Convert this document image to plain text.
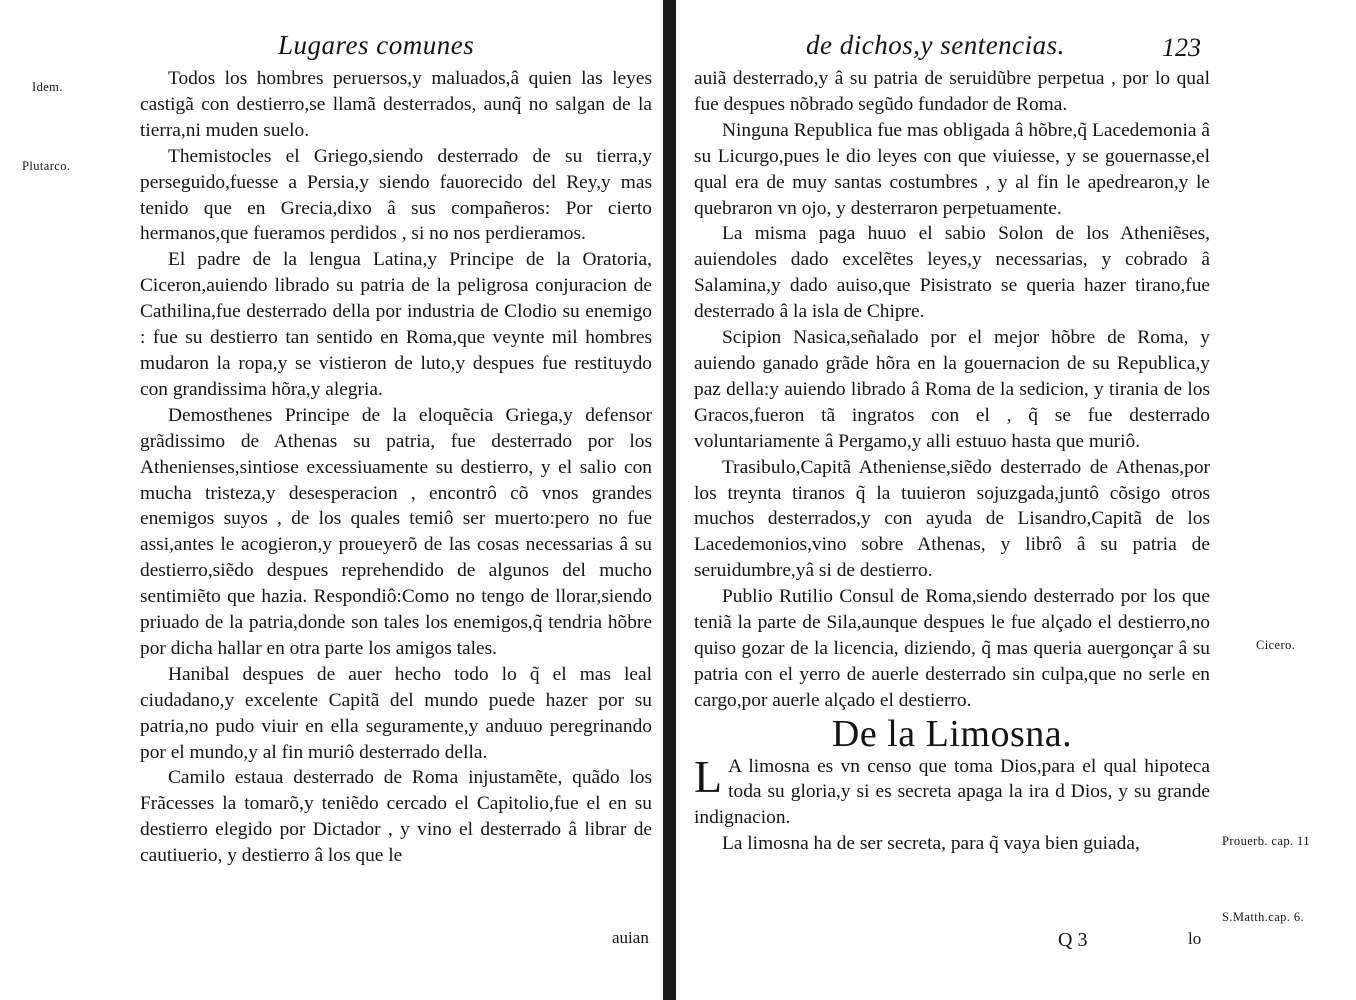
Lugares comunes
Idem.
Plutarco.

Todos los hombres peruersos,y maluados,â quien las leyes castigã con destierro,se llamã desterrados, aunq̃ no salgan de la tierra,ni muden suelo.

Themistocles el Griego,siendo desterrado de su tierra,y perseguido,fuesse a Persia,y siendo fauorecido del Rey,y mas tenido que en Grecia,dixo â sus compañeros: Por cierto hermanos,que fueramos perdidos , si no nos perdieramos.

El padre de la lengua Latina,y Principe de la Oratoria, Ciceron,auiendo librado su patria de la peligrosa conjuracion de Cathilina,fue desterrado della por industria de Clodio su enemigo : fue su destierro tan sentido en Roma,que veynte mil hombres mudaron la ropa,y se vistieron de luto,y despues fue restituydo con grandissima hõra,y alegria.

Demosthenes Principe de la eloquẽcia Griega,y defensor grãdissimo de Athenas su patria, fue desterrado por los Athenienses,sintiose excessiuamente su destierro, y el salio con mucha tristeza,y desesperacion , encontrô cõ vnos grandes enemigos suyos , de los quales temiô ser muerto:pero no fue assi,antes le acogieron,y proueyerõ de las cosas necessarias â su destierro,siẽdo despues reprehendido de algunos del mucho sentimiẽto que hazia. Respondiô:Como no tengo de llorar,siendo priuado de la patria,donde son tales los enemigos,q̃ tendria hõbre por dicha hallar en otra parte los amigos tales.

Hanibal despues de auer hecho todo lo q̃ el mas leal ciudadano,y excelente Capitã del mundo puede hazer por su patria,no pudo viuir en ella seguramente,y anduuo peregrinando por el mundo,y al fin muriô desterrado della.

Camilo estaua desterrado de Roma injustamẽte, quãdo los Frãcesses la tomarõ,y teniẽdo cercado el Capitolio,fue el en su destierro elegido por Dictador , y vino el desterrado â librar de cautiuerio, y destierro â los que le

auian
de dichos,y sentencias.	123

auiã desterrado,y â su patria de seruidũbre perpetua , por lo qual fue despues nõbrado segũdo fundador de Roma.

Ninguna Republica fue mas obligada â hõbre,q̃ Lacedemonia â su Licurgo,pues le dio leyes con que viuiesse, y se gouernasse,el qual era de muy santas costumbres , y al fin le apedrearon,y le quebraron vn ojo, y desterraron perpetuamente.

La misma paga huuo el sabio Solon de los Atheniẽses, auiendoles dado excelẽtes leyes,y necessarias, y cobrado â Salamina,y dado auiso,que Pisistrato se queria hazer tirano,fue desterrado â la isla de Chipre.

Scipion Nasica,señalado por el mejor hõbre de Roma, y auiendo ganado grãde hõra en la gouernacion de su Republica,y paz della:y auiendo librado â Roma de la sedicion, y tirania de los Gracos,fueron tã ingratos con el , q̃ se fue desterrado voluntariamente â Pergamo,y alli estuuo hasta que muriô.

Trasibulo,Capitã Atheniense,siẽdo desterrado de Athenas,por los treynta tiranos q̃ la tuuieron sojuzgada,juntô cõsigo otros muchos desterrados,y con ayuda de Lisandro,Capitã de los Lacedemonios,vino sobre Athenas, y librô â su patria de seruidumbre,yâ si de destierro.

Publio Rutilio Consul de Roma,siendo desterrado por los que teniã la parte de Sila,aunque despues le fue alçado el destierro,no quiso gozar de la licencia, diziendo, q̃ mas queria auergonçar â su patria con el yerro de auerle desterrado sin culpa,que no serle en cargo,por auerle alçado el destierro.

De la Limosna.

L A limosna es vn censo que toma Dios,para el qual hipoteca toda su gloria,y si es secreta apaga la ira d Dios, y su grande indignacion.

La limosna ha de ser secreta, para q̃ vaya bien guiada,

Cicero.
Prouerb. cap. 11
S.Matth.cap. 6.
Q 3	lo
